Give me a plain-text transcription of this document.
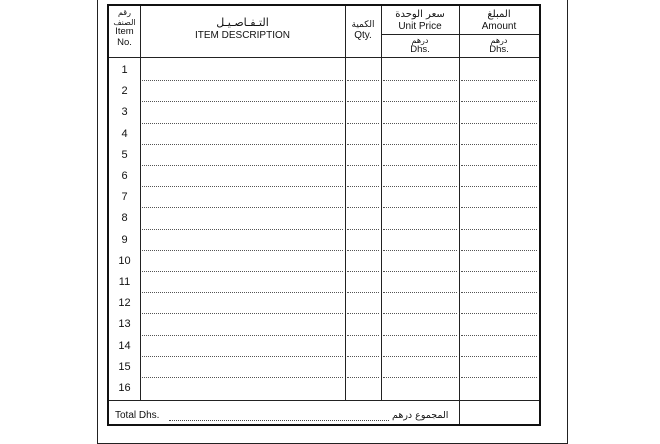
رقم الصنف
Item
No.
التـفـاصـيـل
ITEM DESCRIPTION
الكمية
Qty.
سعر الوحدة
Unit Price
درهم
Dhs.
المبلغ
Amount
درهم
Dhs.
1
2
3
4
5
6
7
8
9
10
11
12
13
14
15
16
Total Dhs.	المجموع درهم
